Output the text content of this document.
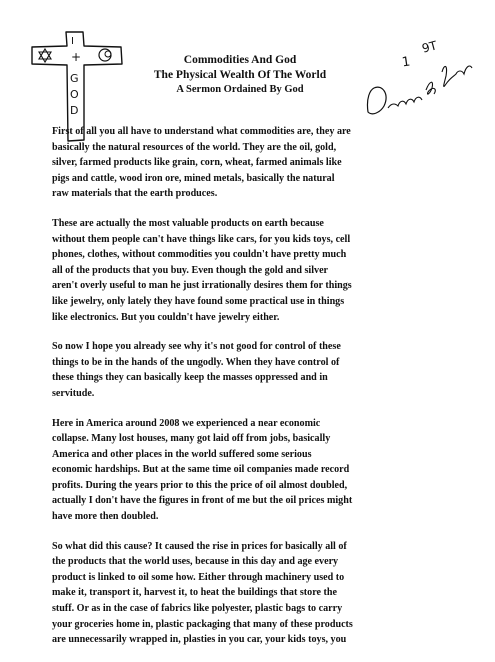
I
+
G
O
D
Commodities And God
The Physical Wealth Of The World
A Sermon Ordained By God
9T
1

First of all you all have to understand what commodities are, they are
basically the natural resources of the world. They are the oil, gold,
silver, farmed products like grain, corn, wheat, farmed animals like
pigs and cattle, wood iron ore, mined metals, basically the natural
raw materials that the earth produces.

These are actually the most valuable products on earth because
without them people can't have things like cars, for you kids toys, cell
phones, clothes, without commodities you couldn't have pretty much
all of the products that you buy. Even though the gold and silver
aren't overly useful to man he just irrationally desires them for things
like jewelry, only lately they have found some practical use in things
like electronics. But you couldn't have jewelry either.

So now I hope you already see why it's not good for control of these
things to be in the hands of the ungodly. When they have control of
these things they can basically keep the masses oppressed and in
servitude.

Here in America around 2008 we experienced a near economic
collapse. Many lost houses, many got laid off from jobs, basically
America and other places in the world suffered some serious
economic hardships. But at the same time oil companies made record
profits. During the years prior to this the price of oil almost doubled,
actually I don't have the figures in front of me but the oil prices might
have more then doubled.

So what did this cause? It caused the rise in prices for basically all of
the products that the world uses, because in this day and age every
product is linked to oil some how. Either through machinery used to
make it, transport it, harvest it, to heat the buildings that store the
stuff. Or as in the case of fabrics like polyester, plastic bags to carry
your groceries home in, plastic packaging that many of these products
are unnecessarily wrapped in, plasties in you car, your kids toys, you
